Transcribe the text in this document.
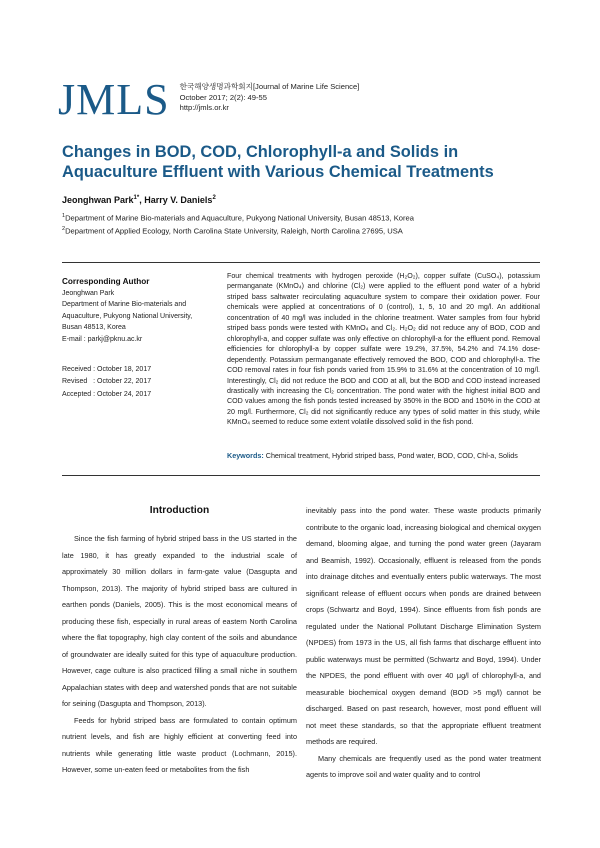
JMLS 한국해양생명과학회지[Journal of Marine Life Science]
October 2017; 2(2): 49-55
http://jmls.or.kr
Changes in BOD, COD, Chlorophyll-a and Solids in Aquaculture Effluent with Various Chemical Treatments
Jeonghwan Park$^{1*}$, Harry V. Daniels$^2$
$^1$Department of Marine Bio-materials and Aquaculture, Pukyong National University, Busan 48513, Korea
$^2$Department of Applied Ecology, North Carolina State University, Raleigh, North Carolina 27695, USA
Corresponding Author
Jeonghwan Park
Department of Marine Bio-materials and
Aquaculture, Pukyong National University,
Busan 48513, Korea
E-mail : parkj@pknu.ac.kr
Received : October 18, 2017
Revised   : October 22, 2017
Accepted : October 24, 2017
Four chemical treatments with hydrogen peroxide (H₂O₂), copper sulfate (CuSO₄), potassium permanganate (KMnO₄) and chlorine (Cl₂) were applied to the effluent pond water of a hybrid striped bass saltwater recirculating aquaculture system to compare their oxidation power. Four chemicals were applied at concentrations of 0 (control), 1, 5, 10 and 20 mg/l. An additional concentration of 40 mg/l was included in the chlorine treatment. Water samples from four hybrid striped bass ponds were tested with KMnO₄ and Cl₂. H₂O₂ did not reduce any of BOD, COD and chlorophyll-a, and copper sulfate was only effective on chlorophyll-a for the effluent pond. Removal efficiencies for chlorophyll-a by copper sulfate were 19.2%, 37.5%, 54.2% and 74.1% dose-dependently. Potassium permanganate effectively removed the BOD, COD and chlorophyll-a. The COD removal rates in four fish ponds varied from 15.9% to 31.6% at the concentration of 10 mg/l. Interestingly, Cl₂ did not reduce the BOD and COD at all, but the BOD and COD instead increased drastically with increasing the Cl₂ concentration. The pond water with the highest initial BOD and COD values among the fish ponds tested increased by 350% in the BOD and 150% in the COD at 20 mg/l. Furthermore, Cl₂ did not significantly reduce any types of solid matter in this study, while KMnO₄ seemed to reduce some extent volatile dissolved solid in the fish pond.
Keywords: Chemical treatment, Hybrid striped bass, Pond water, BOD, COD, Chl-a, Solids
Introduction

Since the fish farming of hybrid striped bass in the US started in the late 1980, it has greatly expanded to the industrial scale of approximately 30 million dollars in farm-gate value (Dasgupta and Thompson, 2013). The majority of hybrid striped bass are cultured in earthen ponds (Daniels, 2005). This is the most economical means of producing these fish, especially in rural areas of eastern North Carolina where the flat topography, high clay content of the soils and abundance of groundwater are ideally suited for this type of aquaculture production. However, cage culture is also practiced filling a small niche in southern Appalachian states with deep and watershed ponds that are not suitable for seining (Dasgupta and Thompson, 2013).

Feeds for hybrid striped bass are formulated to contain optimum nutrient levels, and fish are highly efficient at converting feed into nutrients while generating little waste product (Lochmann, 2015). However, some un-eaten feed or metabolites from the fish

inevitably pass into the pond water. These waste products primarily contribute to the organic load, increasing biological and chemical oxygen demand, blooming algae, and turning the pond water green (Jayaram and Beamish, 1992). Occasionally, effluent is released from the ponds into drainage ditches and eventually enters public waterways. The most significant release of effluent occurs when ponds are drained between crops (Schwartz and Boyd, 1994). Since effluents from fish ponds are regulated under the National Pollutant Discharge Elimination System (NPDES) from 1973 in the US, all fish farms that discharge effluent into public waterways must be permitted (Schwartz and Boyd, 1994). Under the NPDES, the pond effluent with over 40 μg/l of chlorophyll-a, and measurable biochemical oxygen demand (BOD >5 mg/l) cannot be discharged. Based on past research, however, most pond effluent will not meet these standards, so that the appropriate effluent treatment methods are required.

Many chemicals are frequently used as the pond water treatment agents to improve soil and water quality and to control
